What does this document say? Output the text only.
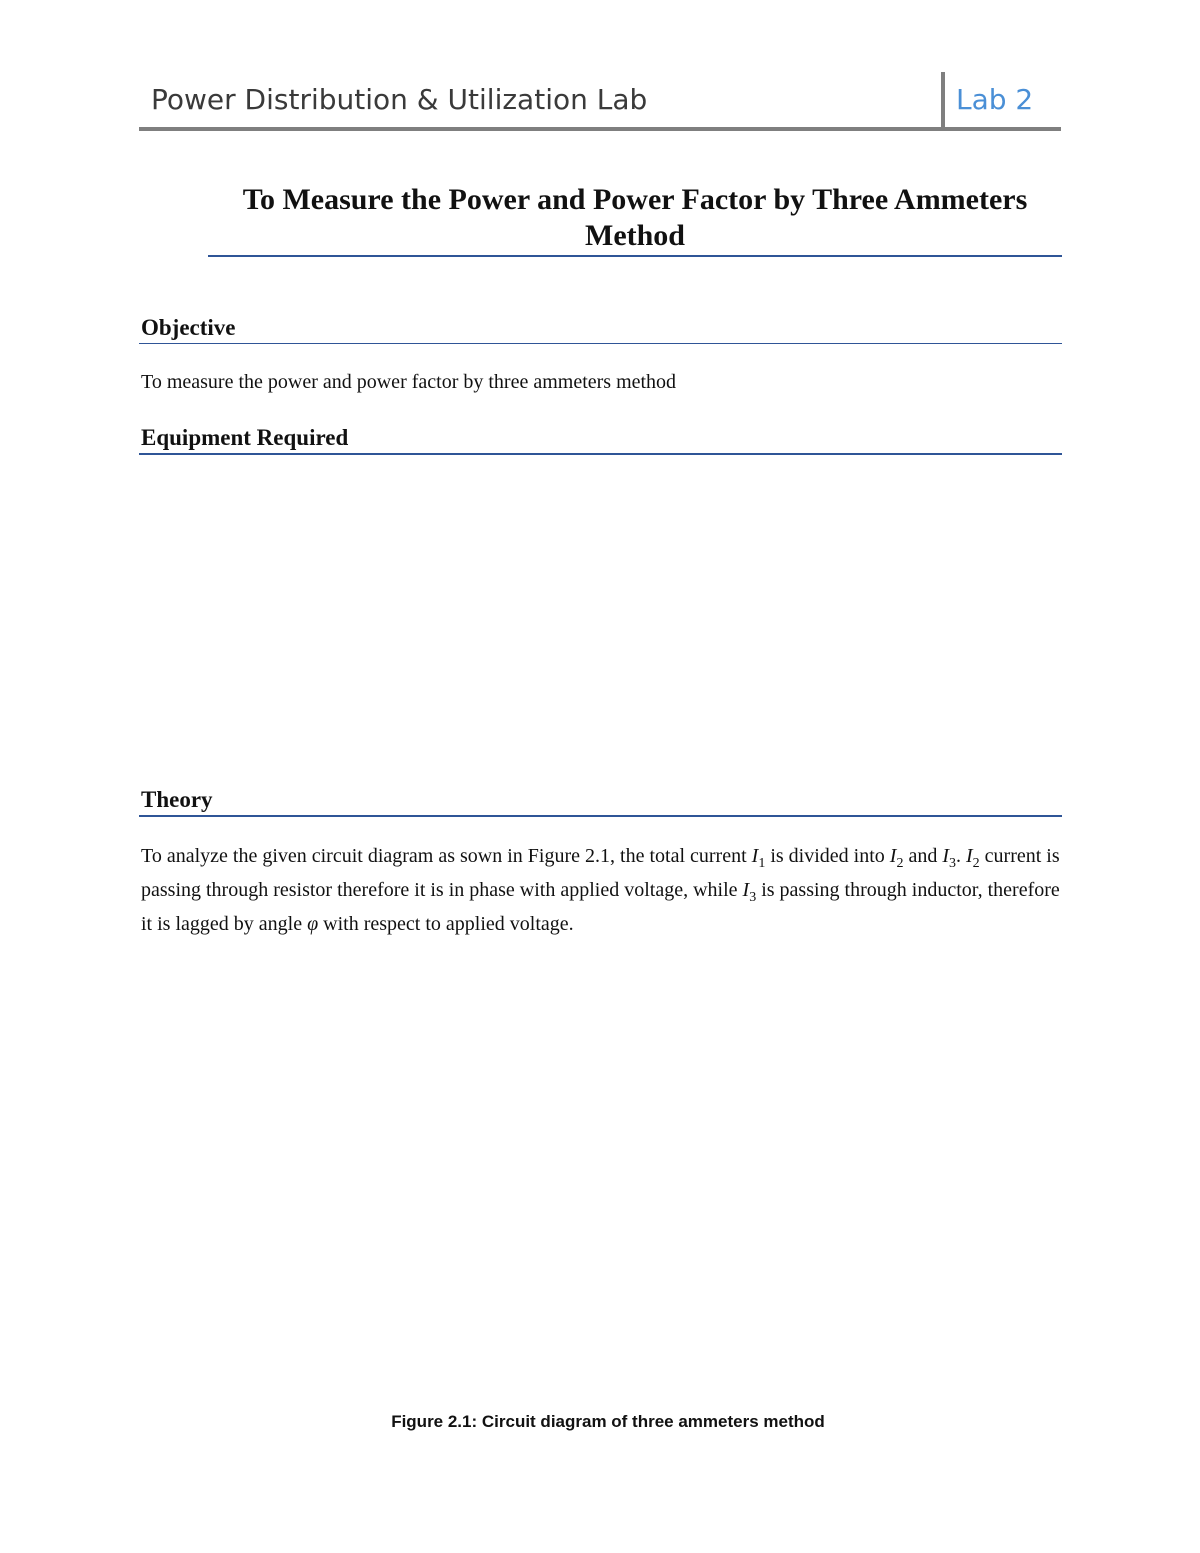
Power Distribution & Utilization Lab	Lab 2
To Measure the Power and Power Factor by Three Ammeters Method
Objective
To measure the power and power factor by three ammeters method
Equipment Required
Theory
To analyze the given circuit diagram as sown in Figure 2.1, the total current $I_1$ is divided into $I_2$ and $I_3$. $I_2$ current is passing through resistor therefore it is in phase with applied voltage, while $I_3$ is passing through inductor, therefore it is lagged by angle φ with respect to applied voltage.
Figure 2.1: Circuit diagram of three ammeters method
